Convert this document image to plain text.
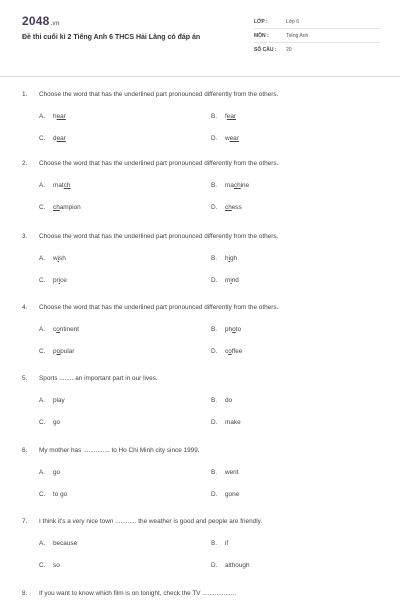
2048.vn
Đề thi cuối kì 2 Tiếng Anh 6 THCS Hải Lăng có đáp án
LỚP :	Lớp 6
MÔN :	Tiếng Anh
SỐ CÂU : 20
1. Choose the word that has the underlined part pronounced differently from the others.
A. hear	B. fear
C. dear	D. wear
2. Choose the word that has the underlined part pronounced differently from the others.
A. match	B. machine
C. champion	D. chess
3. Choose the word that has the underlined part pronounced differently from the others.
A. wish	B. high
C. price	D. mind
4. Choose the word that has the underlined part pronounced differently from the others.
A. continent	B. photo
C. popular	D. coffee
5. Sports ........ an important part in our lives.
A. play	B. do
C. go	D. make
6. My mother has ............... to Ho Chi Minh city since 1999.
A. go	B. went
C. to go	D. gone
7. I think it's a very nice town ............ the weather is good and people are friendly.
A. because	B. if
C. so	D. although
8. If you want to know which film is on tonight, check the TV ...................
